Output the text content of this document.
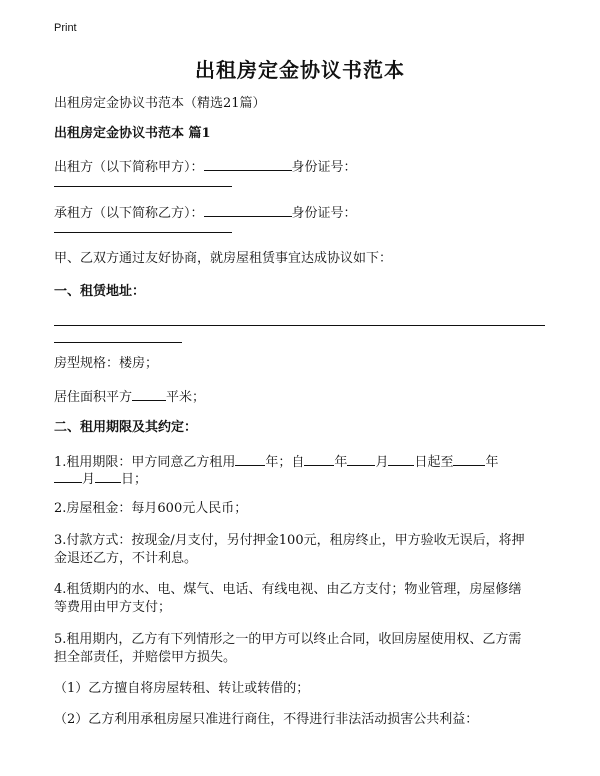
Print
出租房定金协议书范本
出租房定金协议书范本（精选21篇）
出租房定金协议书范本 篇1
出租方（以下简称甲方）：	身份证号：
承租方（以下简称乙方）：	身份证号：
甲、乙双方通过友好协商，就房屋租赁事宜达成协议如下：
一、租赁地址：
房型规格：楼房；
居住面积平方	平米；
二、租用期限及其约定：
1.租用期限：甲方同意乙方租用 年；自 年 月 日起至 年
月 日；
2.房屋租金：每月600元人民币；
3.付款方式：按现金/月支付，另付押金100元，租房终止，甲方验收无误后，将押
金退还乙方，不计利息。
4.租赁期内的水、电、煤气、电话、有线电视、由乙方支付；物业管理，房屋修缮
等费用由甲方支付；
5.租用期内，乙方有下列情形之一的甲方可以终止合同，收回房屋使用权、乙方需
担全部责任，并赔偿甲方损失。
（1）乙方擅自将房屋转租、转让或转借的；
（2）乙方利用承租房屋只准进行商住，不得进行非法活动损害公共利益：
